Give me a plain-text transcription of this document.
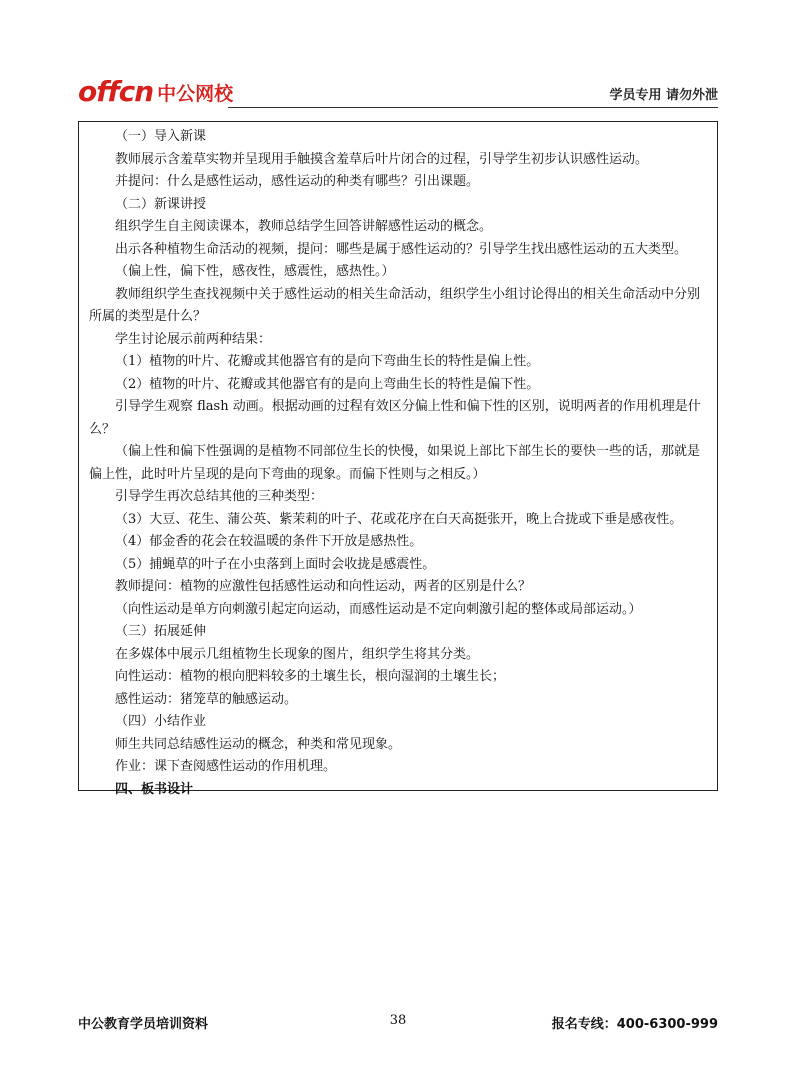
offcn 中公网校	学员专用 请勿外泄

（一）导入新课

教师展示含羞草实物并呈现用手触摸含羞草后叶片闭合的过程，引导学生初步认识感性运动。

并提问：什么是感性运动，感性运动的种类有哪些？引出课题。

（二）新课讲授

组织学生自主阅读课本，教师总结学生回答讲解感性运动的概念。

出示各种植物生命活动的视频，提问：哪些是属于感性运动的？引导学生找出感性运动的五大类型。

（偏上性，偏下性，感夜性，感震性，感热性。）

教师组织学生查找视频中关于感性运动的相关生命活动，组织学生小组讨论得出的相关生命活动中分别所属的类型是什么？

学生讨论展示前两种结果：

（1）植物的叶片、花瓣或其他器官有的是向下弯曲生长的特性是偏上性。

（2）植物的叶片、花瓣或其他器官有的是向上弯曲生长的特性是偏下性。

引导学生观察 flash 动画。根据动画的过程有效区分偏上性和偏下性的区别，说明两者的作用机理是什么？

（偏上性和偏下性强调的是植物不同部位生长的快慢，如果说上部比下部生长的要快一些的话，那就是偏上性，此时叶片呈现的是向下弯曲的现象。而偏下性则与之相反。）

引导学生再次总结其他的三种类型：

（3）大豆、花生、蒲公英、紫茉莉的叶子、花或花序在白天高挺张开，晚上合拢或下垂是感夜性。

（4）郁金香的花会在较温暖的条件下开放是感热性。

（5）捕蝇草的叶子在小虫落到上面时会收拢是感震性。

教师提问：植物的应激性包括感性运动和向性运动，两者的区别是什么？

（向性运动是单方向刺激引起定向运动，而感性运动是不定向刺激引起的整体或局部运动。）

（三）拓展延伸

在多媒体中展示几组植物生长现象的图片，组织学生将其分类。

向性运动：植物的根向肥料较多的土壤生长，根向湿润的土壤生长；

感性运动：猪笼草的触感运动。

（四）小结作业

师生共同总结感性运动的概念，种类和常见现象。

作业：课下查阅感性运动的作用机理。

四、板书设计

中公教育学员培训资料	38	报名专线：400-6300-999
